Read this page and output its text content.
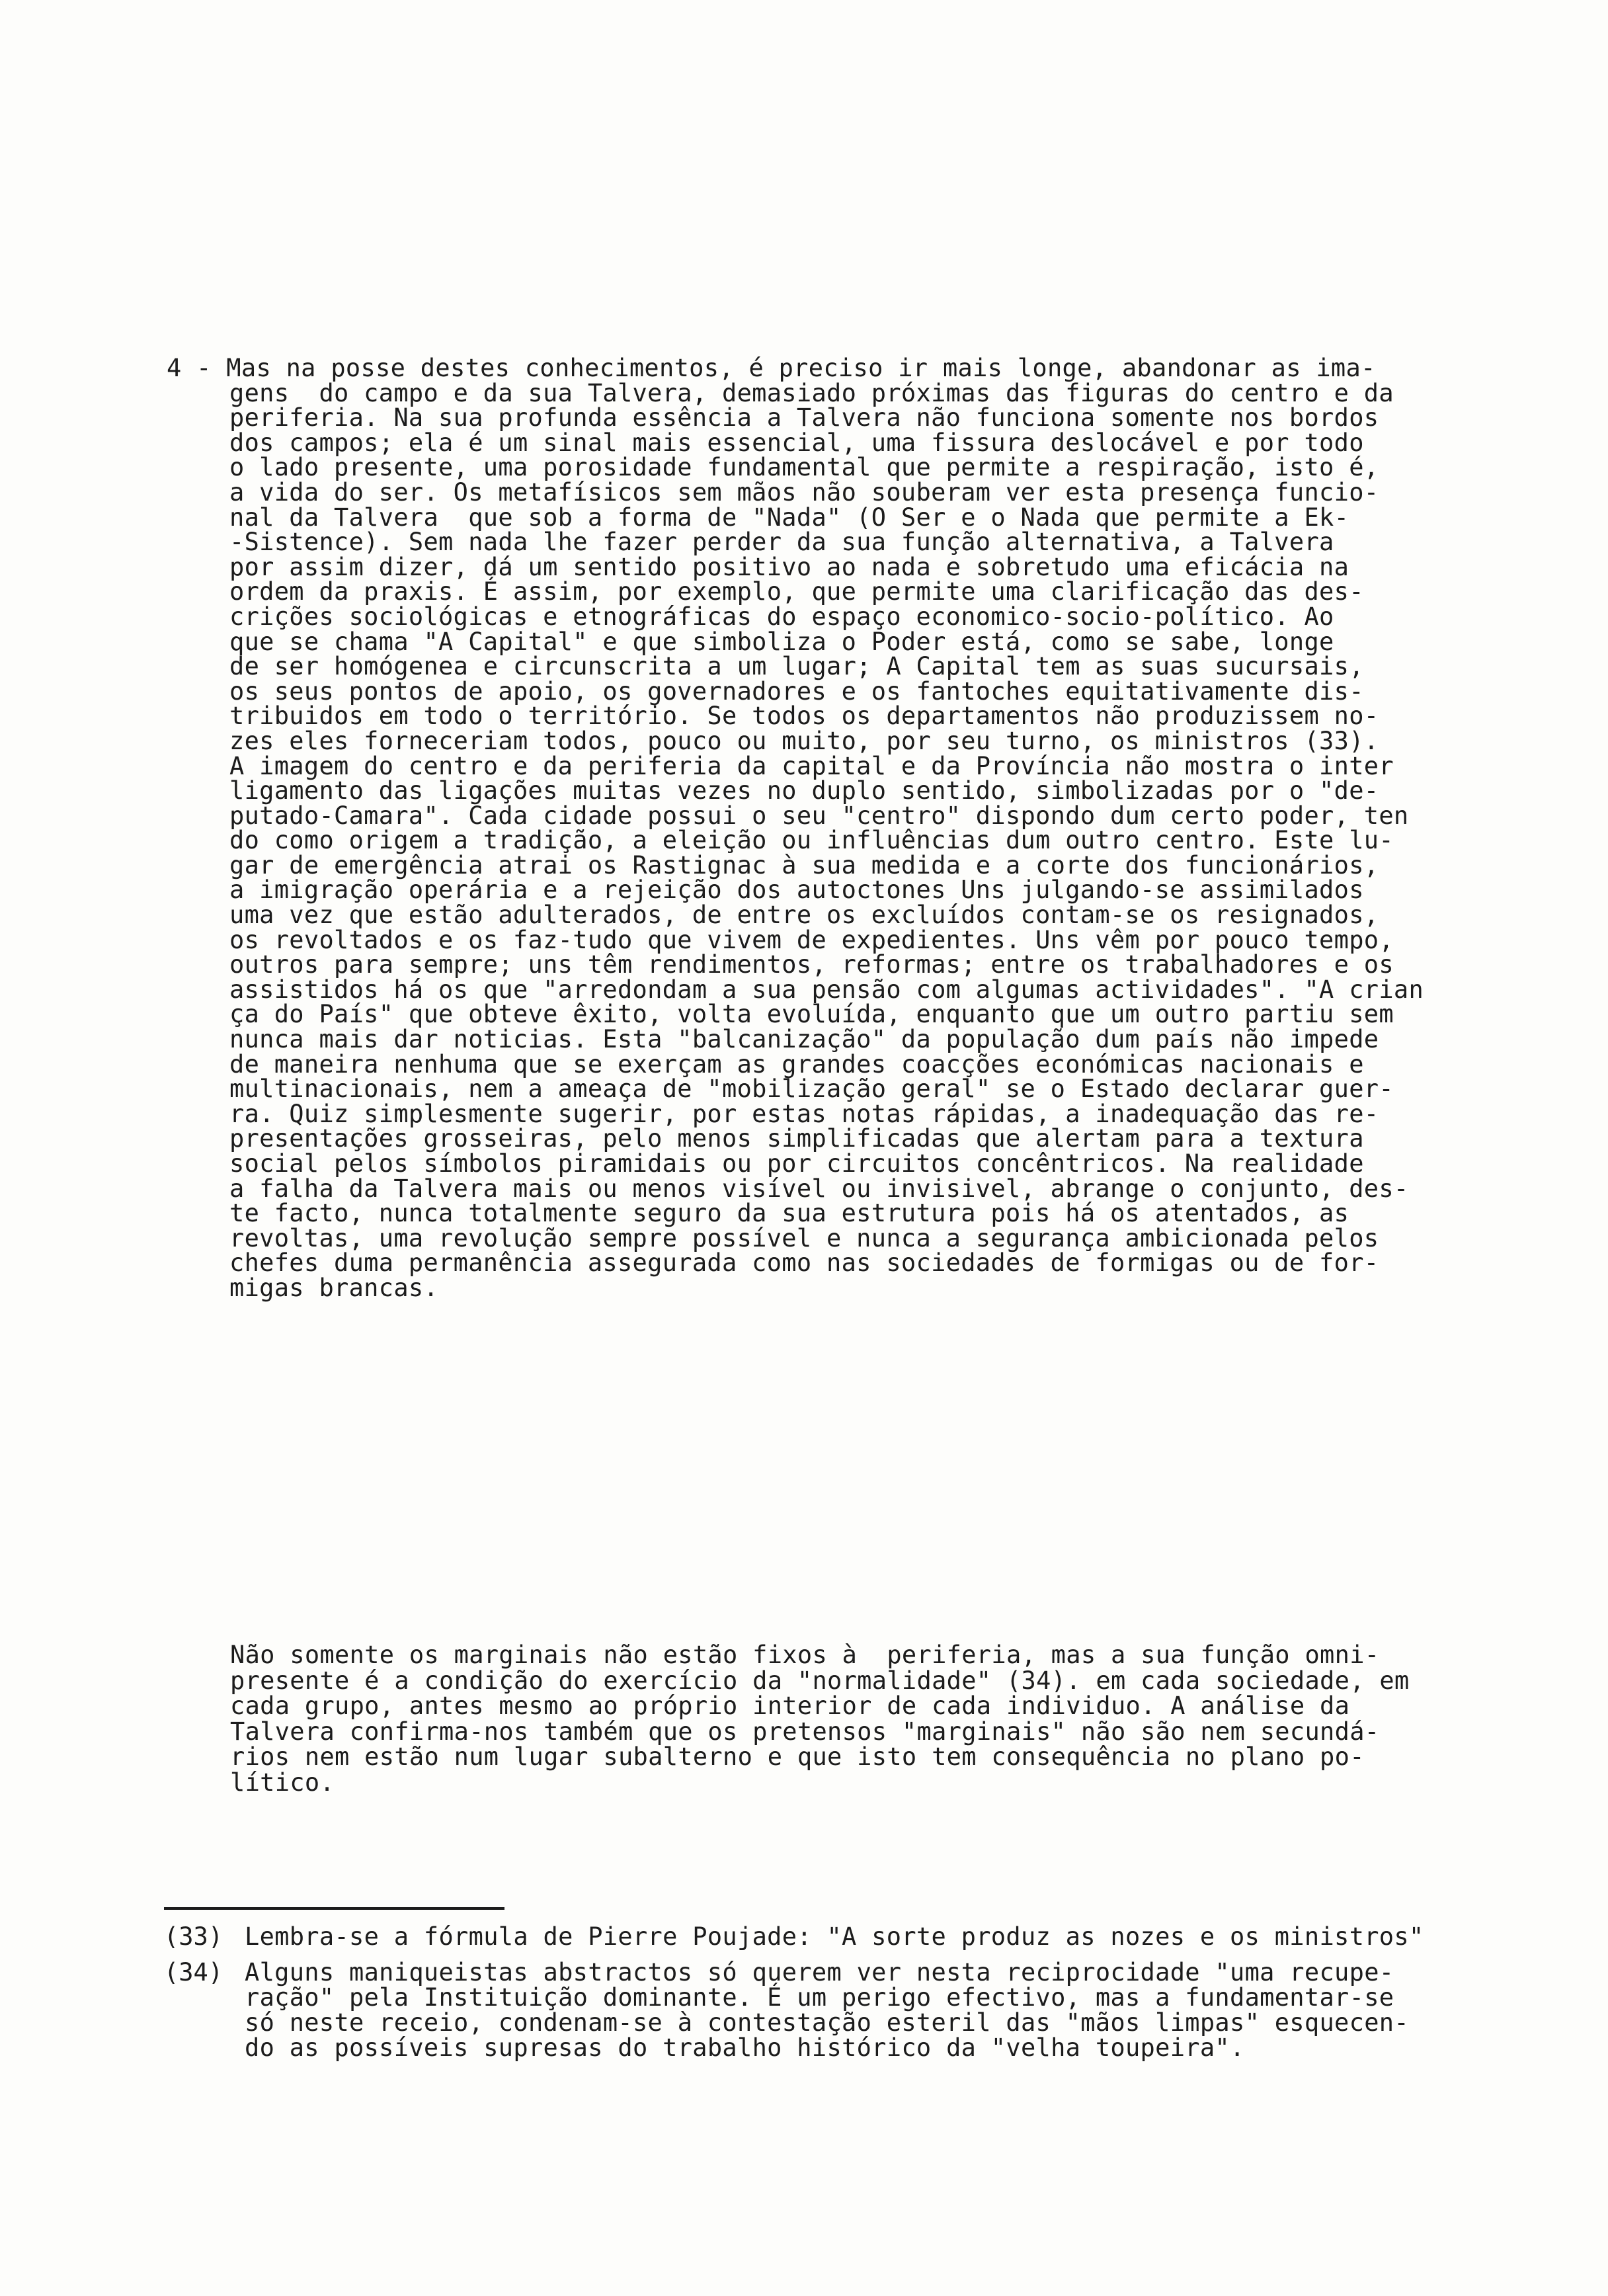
4 - Mas na posse destes conhecimentos, é preciso ir mais longe, abandonar as ima-
gens  do campo e da sua Talvera, demasiado próximas das figuras do centro e da
periferia. Na sua profunda essência a Talvera não funciona somente nos bordos
dos campos; ela é um sinal mais essencial, uma fissura deslocável e por todo
o lado presente, uma porosidade fundamental que permite a respiração, isto é,
a vida do ser. Os metafísicos sem mãos não souberam ver esta presença funcio-
nal da Talvera  que sob a forma de "Nada" (O Ser e o Nada que permite a Ek-
-Sistence). Sem nada lhe fazer perder da sua função alternativa, a Talvera
por assim dizer, dá um sentido positivo ao nada e sobretudo uma eficácia na
ordem da praxis. É assim, por exemplo, que permite uma clarificação das des-
crições sociológicas e etnográficas do espaço economico-socio-político. Ao
que se chama "A Capital" e que simboliza o Poder está, como se sabe, longe
de ser homógenea e circunscrita a um lugar; A Capital tem as suas sucursais,
os seus pontos de apoio, os governadores e os fantoches equitativamente dis-
tribuidos em todo o território. Se todos os departamentos não produzissem no-
zes eles forneceriam todos, pouco ou muito, por seu turno, os ministros (33).
A imagem do centro e da periferia da capital e da Província não mostra o inter
ligamento das ligações muitas vezes no duplo sentido, simbolizadas por o "de-
putado-Camara". Cada cidade possui o seu "centro" dispondo dum certo poder, ten
do como origem a tradição, a eleição ou influências dum outro centro. Este lu-
gar de emergência atrai os Rastignac à sua medida e a corte dos funcionários,
a imigração operária e a rejeição dos autoctones Uns julgando-se assimilados
uma vez que estão adulterados, de entre os excluídos contam-se os resignados,
os revoltados e os faz-tudo que vivem de expedientes. Uns vêm por pouco tempo,
outros para sempre; uns têm rendimentos, reformas; entre os trabalhadores e os
assistidos há os que "arredondam a sua pensão com algumas actividades". "A crian
ça do País" que obteve êxito, volta evoluída, enquanto que um outro partiu sem
nunca mais dar noticias. Esta "balcanização" da população dum país não impede
de maneira nenhuma que se exerçam as grandes coacções económicas nacionais e
multinacionais, nem a ameaça de "mobilização geral" se o Estado declarar guer-
ra. Quiz simplesmente sugerir, por estas notas rápidas, a inadequação das re-
presentações grosseiras, pelo menos simplificadas que alertam para a textura
social pelos símbolos piramidais ou por circuitos concêntricos. Na realidade
a falha da Talvera mais ou menos visível ou invisivel, abrange o conjunto, des-
te facto, nunca totalmente seguro da sua estrutura pois há os atentados, as
revoltas, uma revolução sempre possível e nunca a segurança ambicionada pelos
chefes duma permanência assegurada como nas sociedades de formigas ou de for-
migas brancas.
Não somente os marginais não estão fixos à  periferia, mas a sua função omni-
presente é a condição do exercício da "normalidade" (34). em cada sociedade, em
cada grupo, antes mesmo ao próprio interior de cada individuo. A análise da
Talvera confirma-nos também que os pretensos "marginais" não são nem secundá-
rios nem estão num lugar subalterno e que isto tem consequência no plano po-
lítico.
(33) Lembra-se a fórmula de Pierre Poujade: "A sorte produz as nozes e os ministros"
(34) Alguns maniqueistas abstractos só querem ver nesta reciprocidade "uma recupe-
ração" pela Instituição dominante. É um perigo efectivo, mas a fundamentar-se
só neste receio, condenam-se à contestação esteril das "mãos limpas" esquecen-
do as possíveis supresas do trabalho histórico da "velha toupeira".
